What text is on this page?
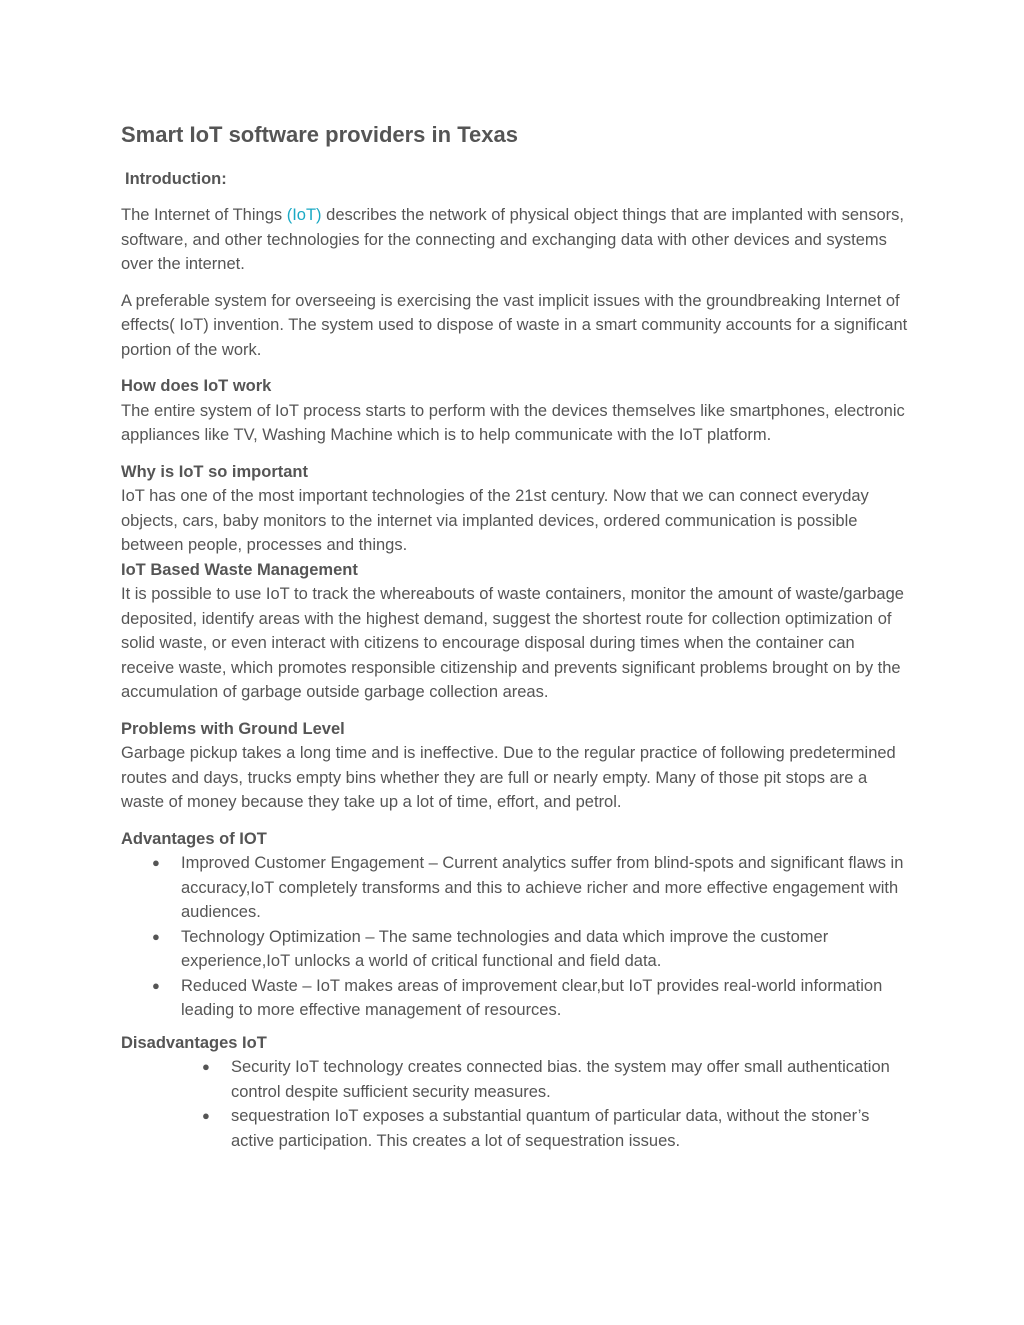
Smart IoT software providers in Texas
Introduction:

The Internet of Things (IoT) describes the network of physical object things that are implanted with sensors, software, and other technologies for the connecting and exchanging data with other devices and systems over the internet.

A preferable system for overseeing is exercising the vast implicit issues with the groundbreaking Internet of effects( IoT) invention. The system used to dispose of waste in a smart community accounts for a significant portion of the work.

How does IoT work
The entire system of IoT process starts to perform with the devices themselves like smartphones, electronic appliances like TV, Washing Machine which is to help communicate with the IoT platform.

Why is IoT so important
IoT has one of the most important technologies of the 21st century. Now that we can connect everyday objects, cars, baby monitors to the internet via implanted devices, ordered communication is possible between people, processes and things.

IoT Based Waste Management
It is possible to use IoT to track the whereabouts of waste containers, monitor the amount of waste/garbage deposited, identify areas with the highest demand, suggest the shortest route for collection optimization of solid waste, or even interact with citizens to encourage disposal during times when the container can receive waste, which promotes responsible citizenship and prevents significant problems brought on by the accumulation of garbage outside garbage collection areas.

Problems with Ground Level
Garbage pickup takes a long time and is ineffective. Due to the regular practice of following predetermined routes and days, trucks empty bins whether they are full or nearly empty. Many of those pit stops are a waste of money because they take up a lot of time, effort, and petrol.

Advantages of IOT
● Improved Customer Engagement – Current analytics suffer from blind-spots and significant flaws in accuracy,IoT completely transforms and this to achieve richer and more effective engagement with audiences.
● Technology Optimization – The same technologies and data which improve the customer experience,IoT unlocks a world of critical functional and field data.
● Reduced Waste – IoT makes areas of improvement clear,but IoT provides real-world information leading to more effective management of resources.
Disadvantages IoT
● Security IoT technology creates connected bias. the system may offer small authentication control despite sufficient security measures.
● sequestration IoT exposes a substantial quantum of particular data, without the stoner’s active participation. This creates a lot of sequestration issues.
